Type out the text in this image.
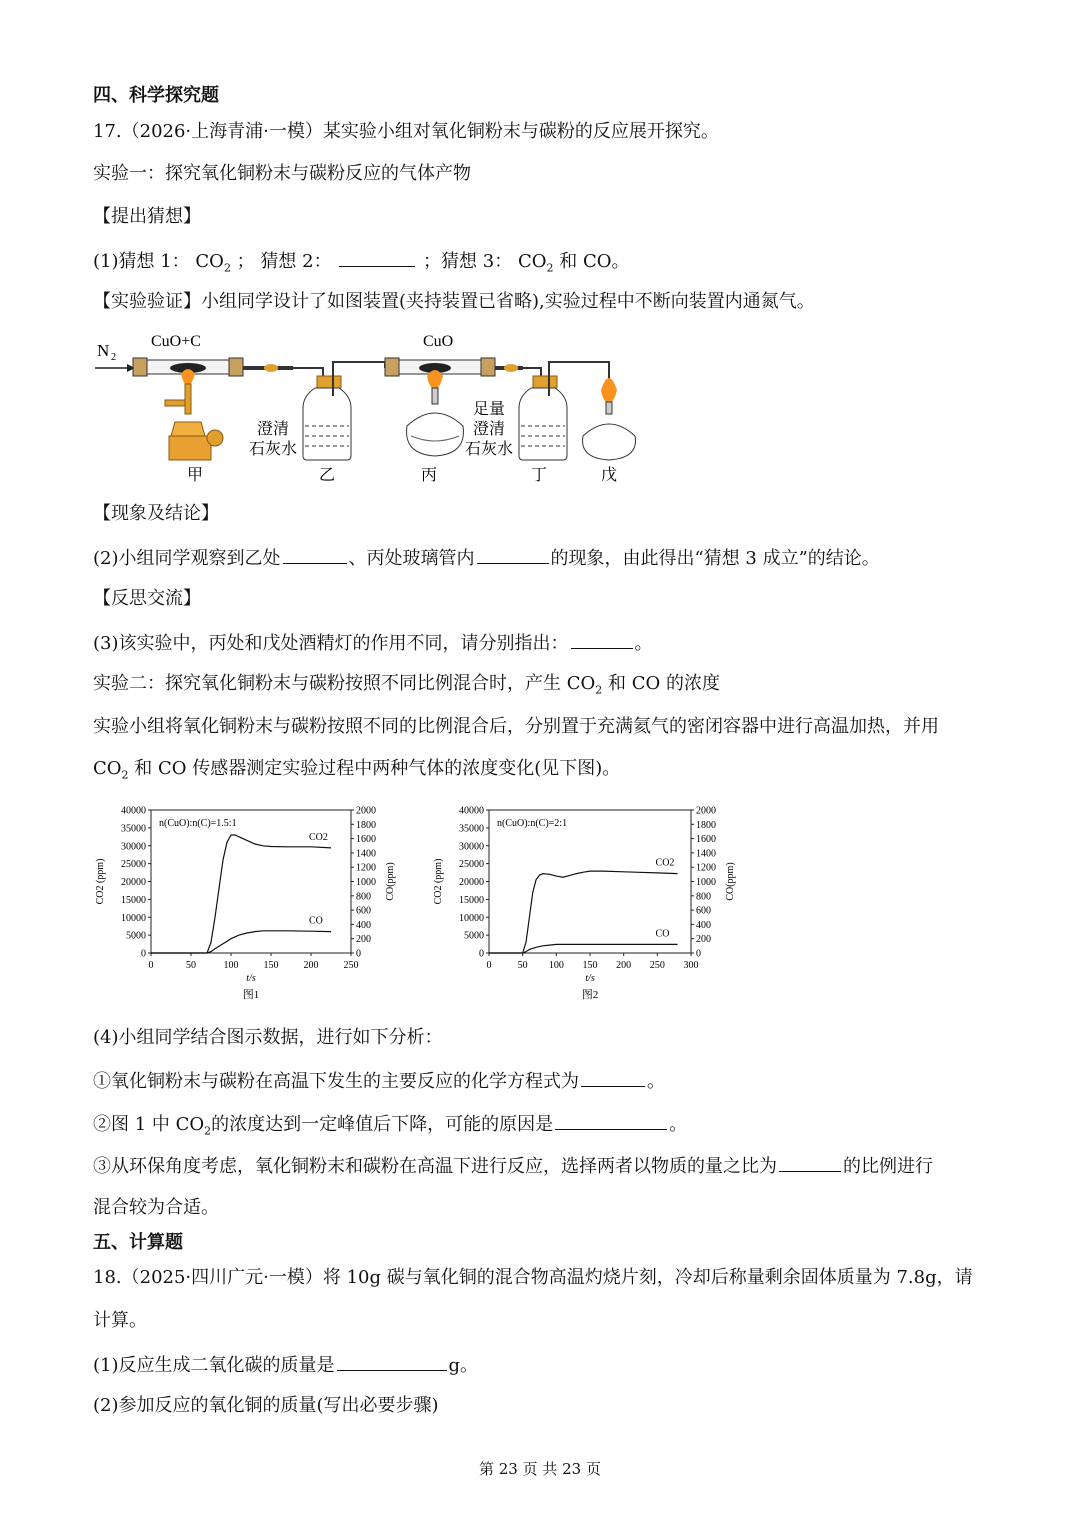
四、科学探究题
17.（2026·上海青浦·一模）某实验小组对氧化铜粉末与碳粉的反应展开探究。
实验一：探究氧化铜粉末与碳粉反应的气体产物
【提出猜想】
(1)猜想 1： $CO_2$ ； 猜想 2：	；猜想 3： $CO_2$ 和 CO。
【实验验证】小组同学设计了如图装置(夹持装置已省略),实验过程中不断向装置内通氮气。
N 2
CuO+C
澄清
石灰水
CuO
足量
澄清
石灰水
甲	乙	丙	丁	戊
【现象及结论】
(2)小组同学观察到乙处	、丙处玻璃管内	的现象，由此得出“猜想 3 成立”的结论。
【反思交流】
(3)该实验中，丙处和戊处酒精灯的作用不同，请分别指出：	。
实验二：探究氧化铜粉末与碳粉按照不同比例混合时，产生 $CO_2$ 和 CO 的浓度
实验小组将氧化铜粉末与碳粉按照不同的比例混合后，分别置于充满氦气的密闭容器中进行高温加热，并用
$CO_2$ 和 CO 传感器测定实验过程中两种气体的浓度变化(见下图)。
0	50	100	150	200	250
0
5000
10000
15000
20000
25000
30000
35000
40000
0
200
400
600
800
1000
1200
1400
1600
1800
2000
CO2 (ppm)	CO(ppm)
t/s
图1
n(CuO):n(C)=1.5:1
CO2
CO
0	50 100 150 200 250 300
0
5000
10000
15000
20000
25000
30000
35000
40000
0
200
400
600
800
1000
1200
1400
1600
1800
2000
CO2 (ppm)	CO(ppm)
t/s
图2
n(CuO):n(C)=2:1
CO2
CO
(4)小组同学结合图示数据，进行如下分析：
①氧化铜粉末与碳粉在高温下发生的主要反应的化学方程式为	。
②图 1 中 $CO_2$的浓度达到一定峰值后下降，可能的原因是	。
③从环保角度考虑，氧化铜粉末和碳粉在高温下进行反应，选择两者以物质的量之比为	的比例进行
混合较为合适。
五、计算题
18.（2025·四川广元·一模）将 10g 碳与氧化铜的混合物高温灼烧片刻，冷却后称量剩余固体质量为 7.8g，请
计算。
(1)反应生成二氧化碳的质量是	g。
(2)参加反应的氧化铜的质量(写出必要步骤)
第 23 页 共 23 页
